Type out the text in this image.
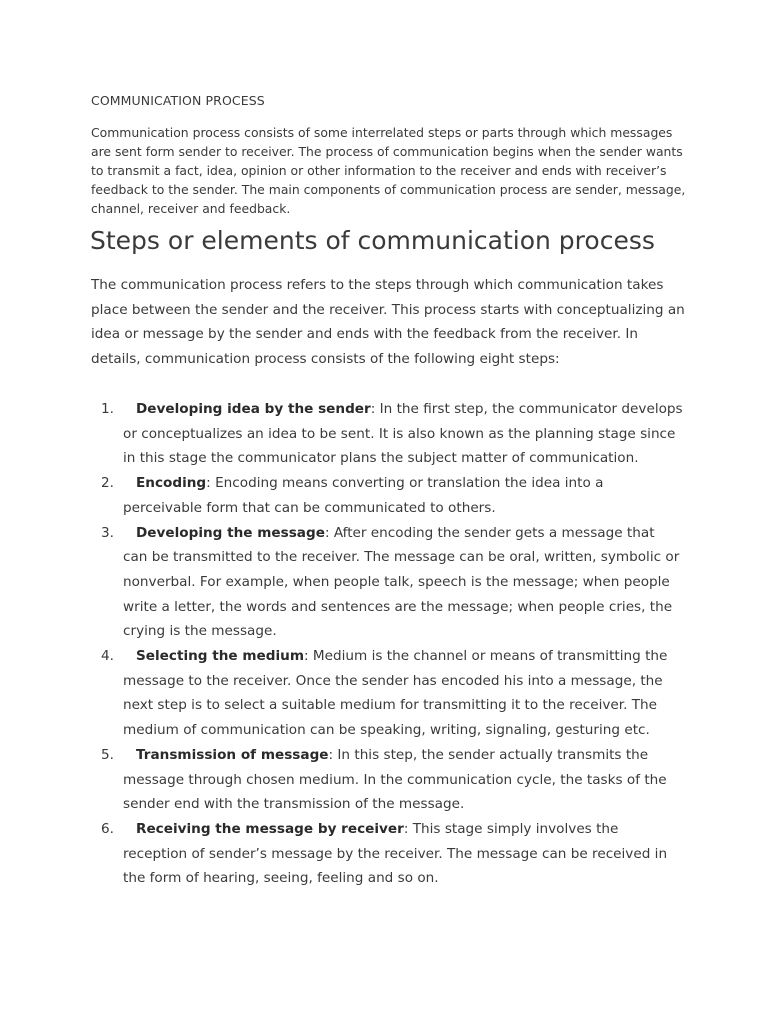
COMMUNICATION PROCESS
Communication process consists of some interrelated steps or parts through which messages are sent form sender to receiver. The process of communication begins when the sender wants to transmit a fact, idea, opinion or other information to the receiver and ends with receiver’s feedback to the sender. The main components of communication process are sender, message, channel, receiver and feedback.
Steps or elements of communication process
The communication process refers to the steps through which communication takes place between the sender and the receiver. This process starts with conceptualizing an idea or message by the sender and ends with the feedback from the receiver. In details, communication process consists of the following eight steps:
1. Developing idea by the sender: In the first step, the communicator develops or conceptualizes an idea to be sent. It is also known as the planning stage since in this stage the communicator plans the subject matter of communication.
2. Encoding: Encoding means converting or translation the idea into a perceivable form that can be communicated to others.
3. Developing the message: After encoding the sender gets a message that can be transmitted to the receiver. The message can be oral, written, symbolic or nonverbal. For example, when people talk, speech is the message; when people write a letter, the words and sentences are the message; when people cries, the crying is the message.
4. Selecting the medium: Medium is the channel or means of transmitting the message to the receiver. Once the sender has encoded his into a message, the next step is to select a suitable medium for transmitting it to the receiver. The medium of communication can be speaking, writing, signaling, gesturing etc.
5. Transmission of message: In this step, the sender actually transmits the message through chosen medium. In the communication cycle, the tasks of the sender end with the transmission of the message.
6. Receiving the message by receiver: This stage simply involves the reception of sender’s message by the receiver. The message can be received in the form of hearing, seeing, feeling and so on.
